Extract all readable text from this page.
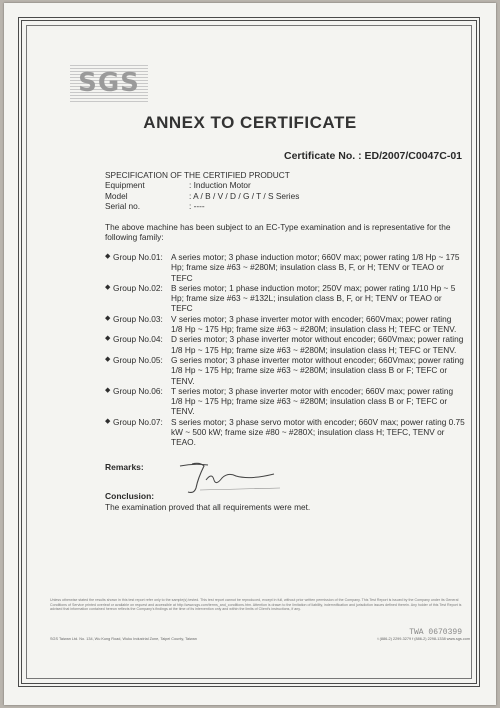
SGS
ANNEX TO CERTIFICATE
Certificate No. : ED/2007/C0047C-01
SPECIFICATION OF THE CERTIFIED PRODUCT
Equipment	: Induction Motor
Model	: A / B / V / D / G / T / S Series
Serial no.	: ----
The above machine has been subject to an EC-Type examination and is representative for the following family:
◆ Group No.01: A series motor; 3 phase induction motor; 660V max; power rating 1/8 Hp ~ 175 Hp; frame size #63 ~ #280M; insulation class B, F, or H; TENV or TEAO or TEFC
◆ Group No.02: B series motor; 1 phase induction motor; 250V max; power rating 1/10 Hp ~ 5 Hp; frame size #63 ~ #132L; insulation class B, F, or H; TENV or TEAO or TEFC
◆ Group No.03: V series motor; 3 phase inverter motor with encoder; 660Vmax; power rating 1/8 Hp ~ 175 Hp; frame size #63 ~ #280M; insulation class H; TEFC or TENV.
◆ Group No.04: D series motor; 3 phase inverter motor without encoder; 660Vmax; power rating 1/8 Hp ~ 175 Hp; frame size #63 ~ #280M; insulation class H; TEFC or TENV.
◆ Group No.05: G series motor; 3 phase inverter motor without encoder; 660Vmax; power rating 1/8 Hp ~ 175 Hp; frame size #63 ~ #280M; insulation class B or F; TEFC or TENV.
◆ Group No.06: T series motor; 3 phase inverter motor with encoder; 660V max; power rating 1/8 Hp ~ 175 Hp; frame size #63 ~ #280M; insulation class B or F; TEFC or TENV.
◆ Group No.07: S series motor; 3 phase servo motor with encoder; 660V max; power rating 0.75 kW ~ 500 kW; frame size #80 ~ #280X; insulation class H; TEFC, TENV or TEAO.
Remarks:
Conclusion:
The examination proved that all requirements were met.
Unless otherwise stated the results shown in this test report refer only to the sample(s) tested. This test report cannot be reproduced, except in full, without prior written permission of the Company. This Test Report is issued by the Company under its General Conditions of Service printed overleaf or available on request and accessible at http://www.sgs.com/terms_and_conditions.htm. Attention is drawn to the limitation of liability, indemnification and jurisdiction issues defined therein. Any holder of this Test Report is advised that information contained hereon reflects the Company's findings at the time of its intervention only and within the limits of Client's instructions, if any.
TWA 0670399
SGS Taiwan Ltd. No. 134, Wu Kung Road, Wuku Industrial Zone, Taipei County, Taiwan	t (886-2) 2299-3279 f (886-2) 2298-1338 www.sgs.com
